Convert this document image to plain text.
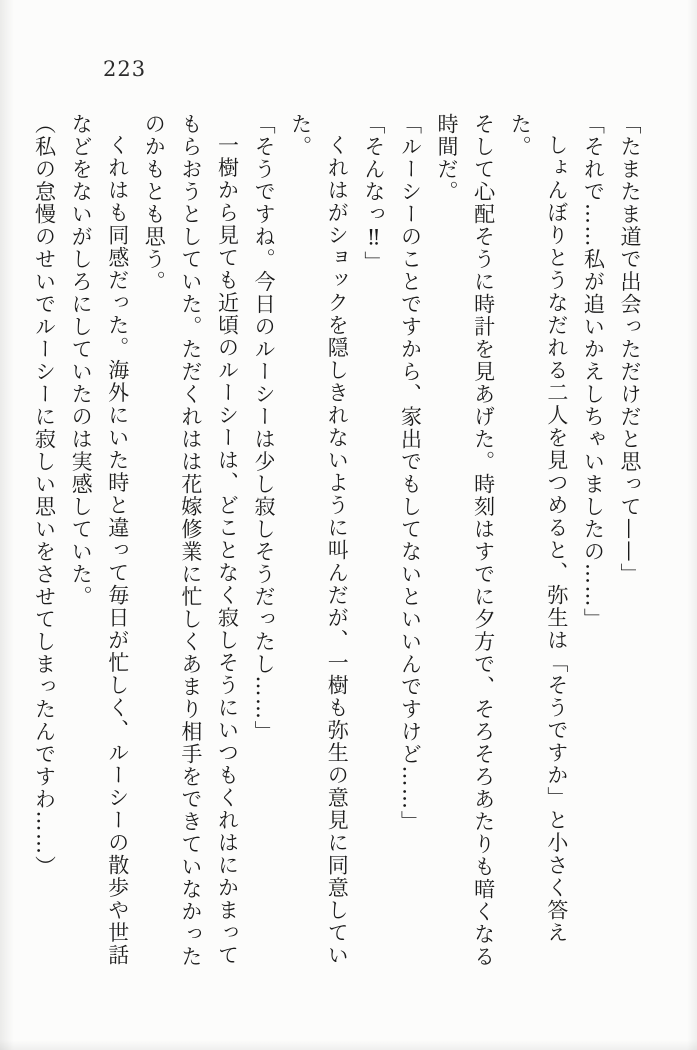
223

「たまたま道で出会っただけだと思って——」

「それで……私が追いかえしちゃいましたの……」

しょんぼりとうなだれる二人を見つめると、弥生は「そうですか」と小さく答えた。

そして心配そうに時計を見あげた。時刻はすでに夕方で、そろそろあたりも暗くなる

時間だ。

「ルーシーのことですから、家出でもしてないといいんですけど……」

「そんなっ‼」

くれはがショックを隠しきれないように叫んだが、一樹も弥生の意見に同意してい

た。

「そうですね。今日のルーシーは少し寂しそうだったし……」

一樹から見ても近頃のルーシーは、どことなく寂しそうにいつもくれはにかまって

もらおうとしていた。ただくれはは花嫁修業に忙しくあまり相手をできていなかった

のかもとも思う。

くれはも同感だった。海外にいた時と違って毎日が忙しく、ルーシーの散歩や世話

などをないがしろにしていたのは実感していた。

（私の怠慢のせいでルーシーに寂しい思いをさせてしまったんですわ……）
